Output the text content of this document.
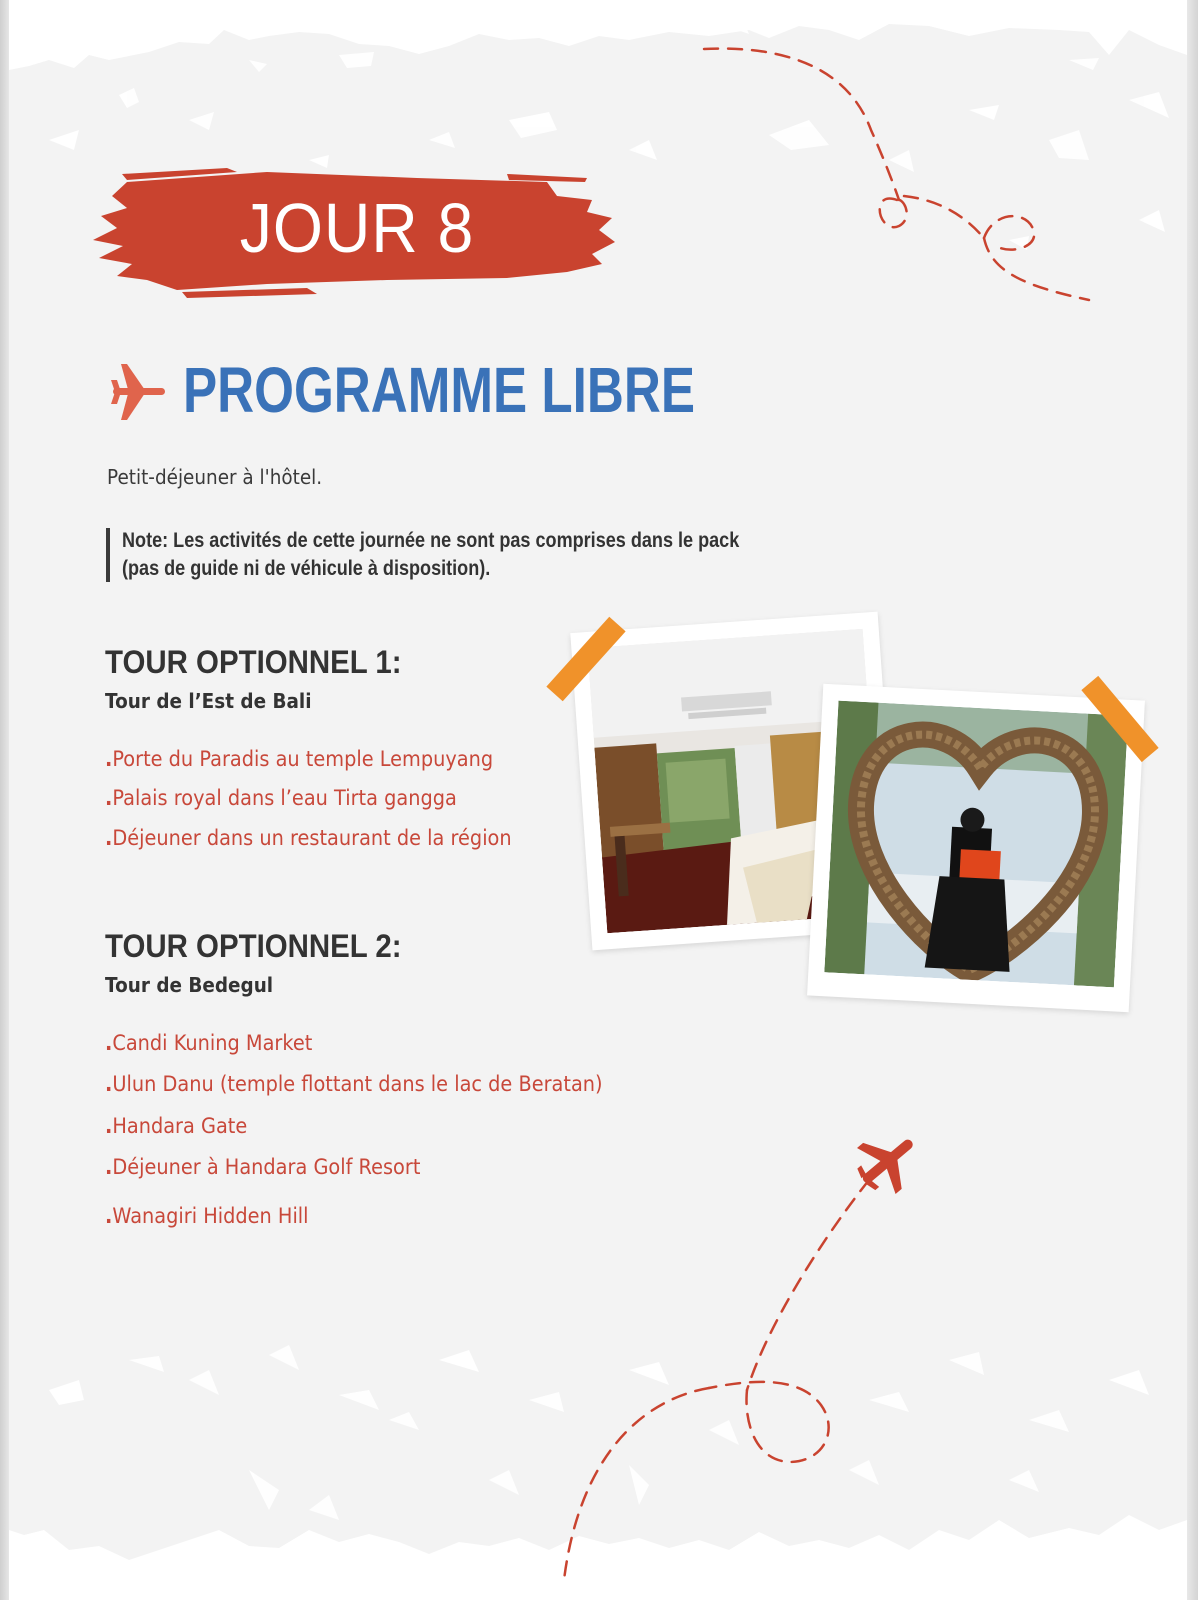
JOUR 8
PROGRAMME LIBRE
Petit-déjeuner à l'hôtel.
Note: Les activités de cette journée ne sont pas comprises dans le pack
(pas de guide ni de véhicule à disposition).
TOUR OPTIONNEL 1:
Tour de l’Est de Bali
.Porte du Paradis au temple Lempuyang
.Palais royal dans l’eau Tirta gangga
.Déjeuner dans un restaurant de la région
TOUR OPTIONNEL 2:
Tour de Bedegul
.Candi Kuning Market
.Ulun Danu (temple flottant dans le lac de Beratan)
.Handara Gate
.Déjeuner à Handara Golf Resort
.Wanagiri Hidden Hill
